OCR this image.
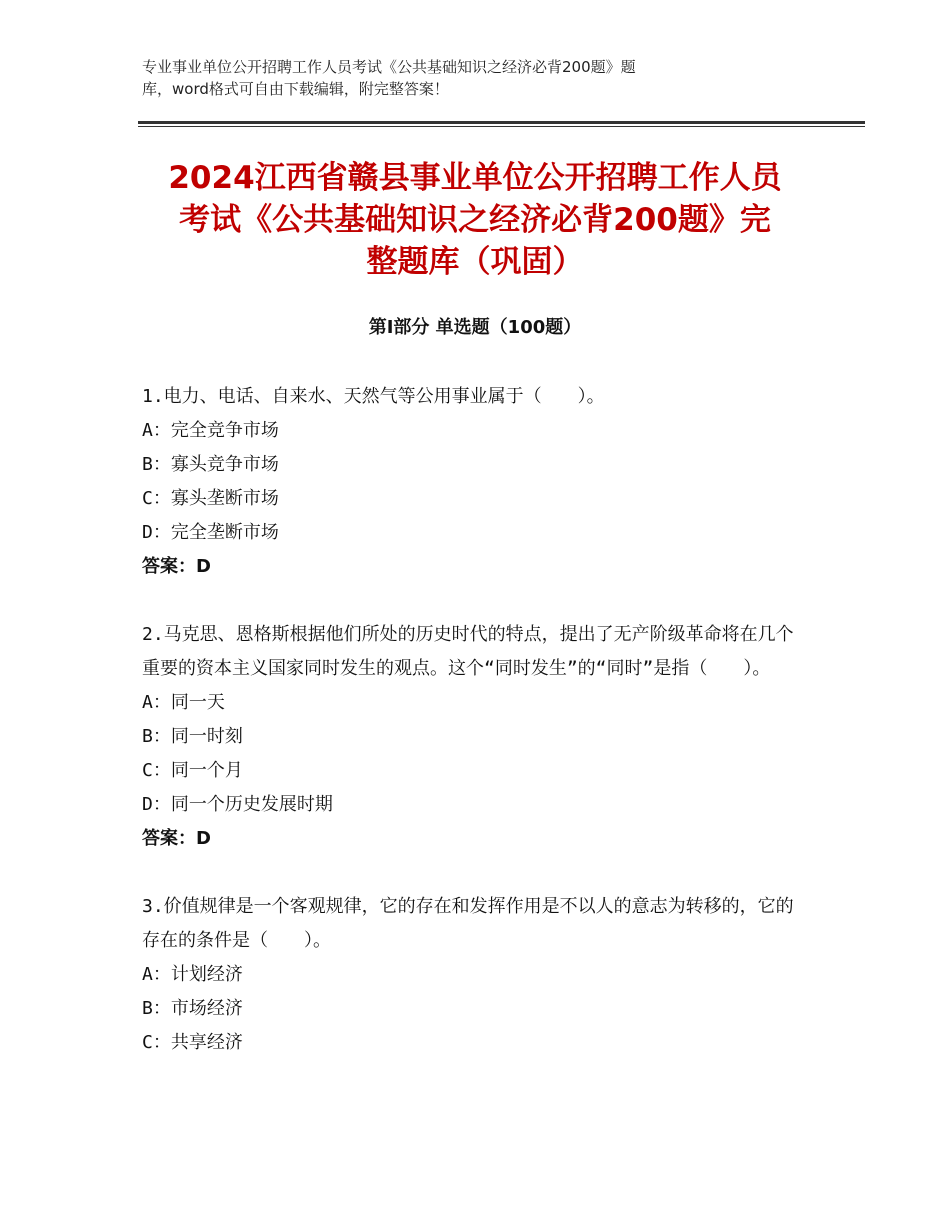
专业事业单位公开招聘工作人员考试《公共基础知识之经济必背200题》题
库，word格式可自由下载编辑，附完整答案！
2024江西省赣县事业单位公开招聘工作人员
考试《公共基础知识之经济必背200题》完
整题库（巩固）
第Ⅰ部分 单选题（100题）
1.电力、电话、自来水、天然气等公用事业属于（　　）。
A：完全竞争市场
B：寡头竞争市场
C：寡头垄断市场
D：完全垄断市场
答案：D
2.马克思、恩格斯根据他们所处的历史时代的特点，提出了无产阶级革命将在几个重要的资本主义国家同时发生的观点。这个“同时发生”的“同时”是指（　　）。
A：同一天
B：同一时刻
C：同一个月
D：同一个历史发展时期
答案：D
3.价值规律是一个客观规律，它的存在和发挥作用是不以人的意志为转移的，它的存在的条件是（　　）。
A：计划经济
B：市场经济
C：共享经济
